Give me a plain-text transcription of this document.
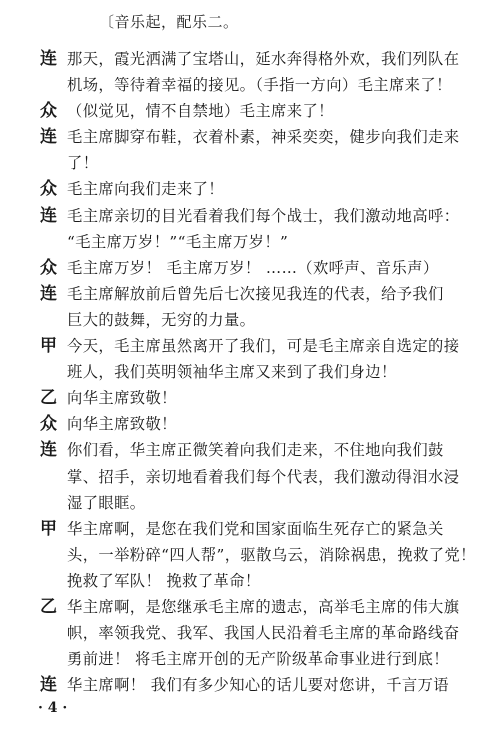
〔音乐起，配乐二。
连 那天，霞光洒满了宝塔山，延水奔得格外欢，我们列队在
机场，等待着幸福的接见。（手指一方向）毛主席来了！
众 （似觉见，情不自禁地）毛主席来了！
连 毛主席脚穿布鞋，衣着朴素，神采奕奕，健步向我们走来
了！
众 毛主席向我们走来了！
连 毛主席亲切的目光看着我们每个战士，我们激动地高呼：
“毛主席万岁！”“毛主席万岁！”
众 毛主席万岁！ 毛主席万岁！ ……（欢呼声、音乐声）
连 毛主席解放前后曾先后七次接见我连的代表，给予我们
巨大的鼓舞，无穷的力量。
甲 今天，毛主席虽然离开了我们，可是毛主席亲自选定的接
班人，我们英明领袖华主席又来到了我们身边！
乙 向华主席致敬！
众 向华主席致敬！
连 你们看，华主席正微笑着向我们走来，不住地向我们鼓
掌、招手，亲切地看着我们每个代表，我们激动得泪水浸
湿了眼眶。
甲 华主席啊，是您在我们党和国家面临生死存亡的紧急关
头，一举粉碎“四人帮”，驱散乌云，消除祸患，挽救了党！
挽救了军队！ 挽救了革命！
乙 华主席啊，是您继承毛主席的遗志，高举毛主席的伟大旗
帜，率领我党、我军、我国人民沿着毛主席的革命路线奋
勇前进！ 将毛主席开创的无产阶级革命事业进行到底！
连 华主席啊！ 我们有多少知心的话儿要对您讲，千言万语
· 4 ·
